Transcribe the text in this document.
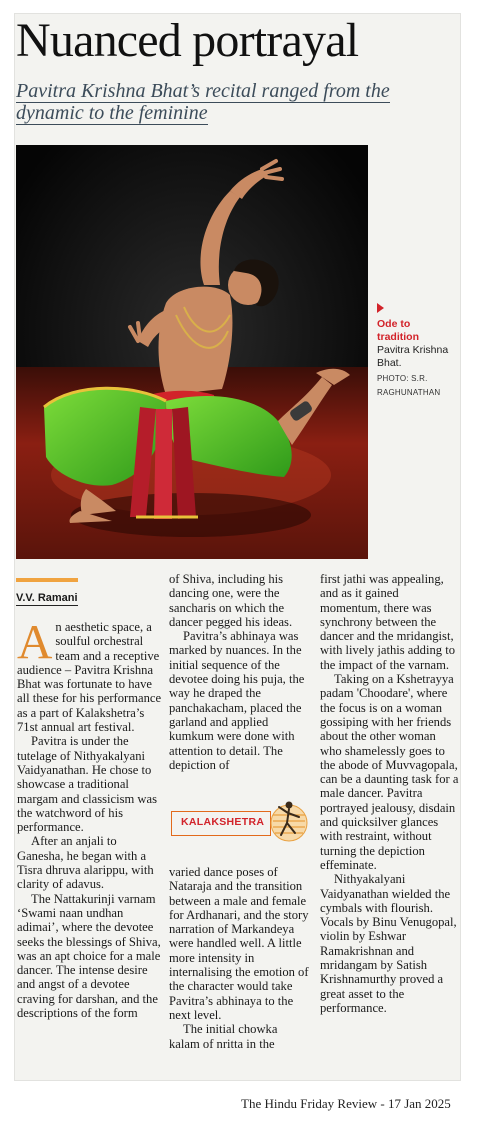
Nuanced portrayal
Pavitra Krishna Bhat’s recital ranged from the dynamic to the feminine
Ode to tradition
Pavitra Krishna Bhat.
PHOTO: S.R. RAGHUNATHAN
V.V. Ramani
A n aesthetic space, a soulful orchestral team and a receptive audience – Pavitra Krishna Bhat was fortunate to have all these for his performance as a part of Kalakshetra’s 71st annual art festival.

Pavitra is under the tutelage of Nithyakalyani Vaidyanathan. He chose to showcase a traditional margam and classicism was the watchword of his performance.

After an anjali to Ganesha, he began with a Tisra dhruva alarippu, with clarity of adavus.

The Nattakurinji varnam ‘Swami naan undhan adimai’, where the devotee seeks the blessings of Shiva, was an apt choice for a male dancer. The intense desire and angst of a devotee craving for darshan, and the descriptions of the form

of Shiva, including his dancing one, were the sancharis on which the dancer pegged his ideas.

Pavitra’s abhinaya was marked by nuances. In the initial sequence of the devotee doing his puja, the way he draped the panchakacham, placed the garland and applied kumkum were done with attention to detail. The depiction of

KALAKSHETRA

varied dance poses of Nataraja and the transition between a male and female for Ardhanari, and the story narration of Markandeya were handled well. A little more intensity in internalising the emotion of the character would take Pavitra’s abhinaya to the next level.

The initial chowka kalam of nritta in the

first jathi was appealing, and as it gained momentum, there was synchrony between the dancer and the mridangist, with lively jathis adding to the impact of the varnam.

Taking on a Kshetrayya padam 'Choodare', where the focus is on a woman gossiping with her friends about the other woman who shamelessly goes to the abode of Muvvagopala, can be a daunting task for a male dancer. Pavitra portrayed jealousy, disdain and quicksilver glances with restraint, without turning the depiction effeminate.

Nithyakalyani Vaidyanathan wielded the cymbals with flourish. Vocals by Binu Venugopal, violin by Eshwar Ramakrishnan and mridangam by Satish Krishnamurthy proved a great asset to the performance.

The Hindu Friday Review - 17 Jan 2025
